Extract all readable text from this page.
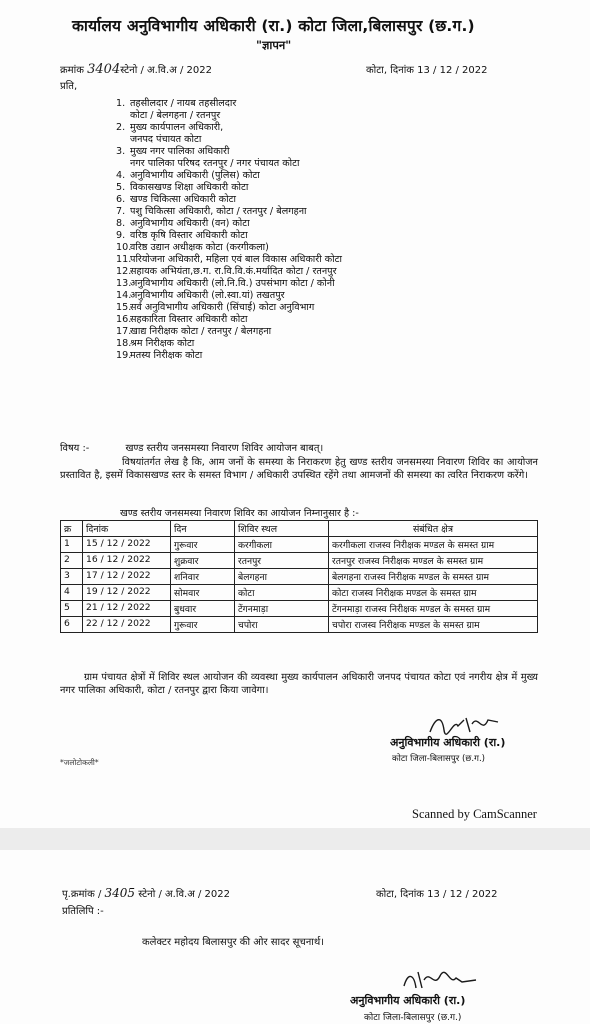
कार्यालय अनुविभागीय अधिकारी (रा.) कोटा जिला,बिलासपुर (छ.ग.)
"ज्ञापन"
क्रमांक 3404स्टेनो / अ.वि.अ / 2022	कोटा, दिनांक 13 / 12 / 2022
प्रति,
1. तहसीलदार / नायब तहसीलदार
कोटा / बेलगहना / रतनपुर
2. मुख्य कार्यपालन अधिकारी,
जनपद पंचायत कोटा
3. मुख्य नगर पालिका अधिकारी
नगर पालिका परिषद रतनपुर / नगर पंचायत कोटा
4. अनुविभागीय अधिकारी (पुलिस) कोटा
5. विकासखण्ड शिक्षा अधिकारी कोटा
6. खण्ड चिकित्सा अधिकारी कोटा
7. पशु चिकित्सा अधिकारी, कोटा / रतनपुर / बेलगहना
8. अनुविभागीय अधिकारी (वन) कोटा
9. वरिष्ठ कृषि विस्तार अधिकारी कोटा
10.
वरिष्ठ उद्यान अधीक्षक कोटा (करगीकला)
11.
परियोजना अधिकारी, महिला एवं बाल विकास अधिकारी कोटा
12.
सहायक अभियंता,छ.ग. रा.वि.वि.कं.मर्यादित कोटा / रतनपुर
13.
अनुविभागीय अधिकारी (लो.नि.वि.) उपसंभाग कोटा / कोनी
14.
अनुविभागीय अधिकारी (लो.स्वा.यां) तखतपुर
15.
सर्व अनुविभागीय अधिकारी (सिंचाई) कोटा अनुविभाग
16.
सहकारिता विस्तार अधिकारी कोटा
17.
खाद्य निरीक्षक कोटा / रतनपुर / बेलगहना
18.
श्रम निरीक्षक कोटा
19.
मतस्य निरीक्षक कोटा
विषय :-	खण्ड स्तरीय जनसमस्या निवारण शिविर आयोजन बाबत्।
विषयांतर्गत लेख है कि, आम जनों के समस्या के निराकरण हेतु खण्ड स्तरीय जनसमस्या निवारण शिविर का आयोजन प्रस्तावित है, इसमें विकासखण्ड स्तर के समस्त विभाग / अधिकारी उपस्थित रहेंगे तथा आमजनों की समस्या का त्वरित निराकरण करेंगे।
खण्ड स्तरीय जनसमस्या निवारण शिविर का आयोजन निम्नानुसार है :-
क्र	दिनांक	दिन	शिविर स्थल	संबंधित क्षेत्र
1	15 / 12 / 2022	गुरूवार	करगीकला	करगीकला राजस्व निरीक्षक मण्डल के समस्त ग्राम
2	16 / 12 / 2022	शुक्रवार	रतनपुर	रतनपुर राजस्व निरीक्षक मण्डल के समस्त ग्राम
3	17 / 12 / 2022	शनिवार	बेलगहना	बेलगहना राजस्व निरीक्षक मण्डल के समस्त ग्राम
4	19 / 12 / 2022	सोमवार	कोटा	कोटा राजस्व निरीक्षक मण्डल के समस्त ग्राम
5	21 / 12 / 2022	बुधवार	टेंगनमाड़ा	टेंगनमाड़ा राजस्व निरीक्षक मण्डल के समस्त ग्राम
6	22 / 12 / 2022	गुरूवार	चपोरा	चपोरा राजस्व निरीक्षक मण्डल के समस्त ग्राम
ग्राम पंचायत क्षेत्रों में शिविर स्थल आयोजन की व्यवस्था मुख्य कार्यपालन अधिकारी जनपद पंचायत कोटा एवं नगरीय क्षेत्र में मुख्य नगर पालिका अधिकारी, कोटा / रतनपुर द्वारा किया जावेगा।
अनुविभागीय अधिकारी (रा.)
कोटा जिला-बिलासपुर (छ.ग.)
*जलोटोकली*
Scanned by CamScanner
पृ.क्रमांक / 3405 स्टेनो / अ.वि.अ / 2022	कोटा, दिनांक 13 / 12 / 2022
प्रतिलिपि :-
कलेक्टर महोदय बिलासपुर की ओर सादर सूचनार्थ।
अनुविभागीय अधिकारी (रा.)
कोटा जिला-बिलासपुर (छ.ग.)
